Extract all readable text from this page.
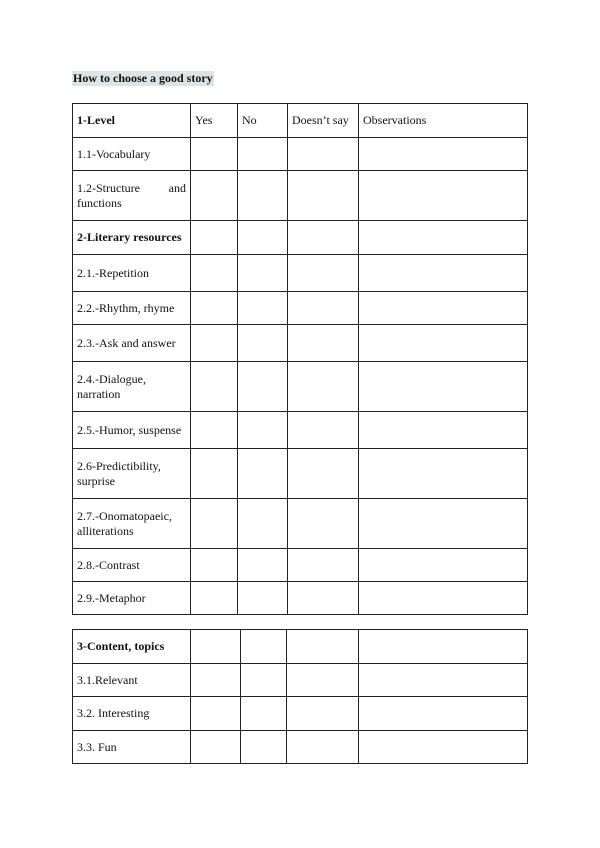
How to choose a good story
1-Level	Yes	No	Doesn’t say	Observations
1.1-Vocabulary				
1.2-Structure and functions				
2-Literary resources				
2.1.-Repetition				
2.2.-Rhythm, rhyme				
2.3.-Ask and answer				
2.4.-Dialogue, narration				
2.5.-Humor, suspense				
2.6-Predictibility, surprise				
2.7.-Onomatopaeic, alliterations				
2.8.-Contrast				
2.9.-Metaphor				
3-Content, topics				
3.1.Relevant				
3.2. Interesting				
3.3. Fun				
